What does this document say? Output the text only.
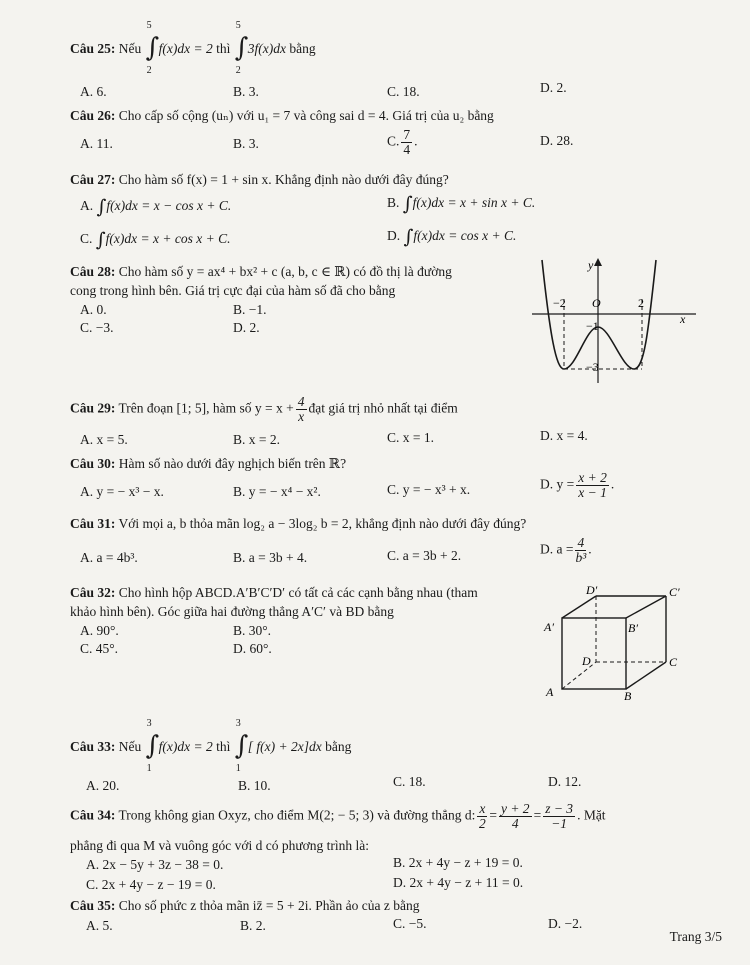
Câu 25: Nếu
5
∫
2
f(x)dx = 2 thì
5
∫
2
3f(x)dx bằng
A. 6.	B. 3.	C. 18.	D. 2.
Câu 26: Cho cấp số cộng (uₙ) với u₁ = 7 và công sai d = 4. Giá trị của u₂ bằng
A. 11.	B. 3.	C. $\frac{7}{4}$ .	D. 28.
Câu 27: Cho hàm số f(x) = 1 + sin x. Khẳng định nào dưới đây đúng?
A. ∫f(x)dx = x − cos x + C.	B. ∫f(x)dx = x + sin x + C.
C. ∫f(x)dx = x + cos x + C.	D. ∫f(x)dx = cos x + C.
Câu 28: Cho hàm số y = ax⁴ + bx² + c (a, b, c ∈ ℝ) có đồ thị là đường
cong trong hình bên. Giá trị cực đại của hàm số đã cho bằng
A. 0.	B. −1.
C. −3.	D. 2.
y
x
O
−2	2
−1
−3
Câu 29: Trên đoạn [1; 5], hàm số $y = x + \frac{4}{x}$ đạt giá trị nhỏ nhất tại điểm
A. x = 5.	B. x = 2.	C. x = 1.	D. x = 4.
Câu 30: Hàm số nào dưới đây nghịch biến trên ℝ?
A. y = − x³ − x.	B. y = − x⁴ − x².	C. y = − x³ + x.	D. $y = \frac{x + 2}{x - 1}$ .
Câu 31: Với mọi a, b thỏa mãn log₂ a − 3log₂ b = 2, khẳng định nào dưới đây đúng?
A. a = 4b³.	B. a = 3b + 4.	C. a = 3b + 2.	D. $a = \frac{4}{\text{b³}}$ .
Câu 32: Cho hình hộp ABCD.A′B′C′D′ có tất cả các cạnh bằng nhau (tham
khảo hình bên). Góc giữa hai đường thẳng A′C′ và BD bằng
A. 90°.	B. 30°.
C. 45°.	D. 60°.
D′	C′
A′	B′
D	C
A	B
Câu 33: Nếu
3
∫
1
f(x)dx = 2 thì
3
∫
1
[ f(x) + 2x]dx bằng
A. 20.	B. 10.	C. 18.	D. 12.
Câu 34: Trong không gian Oxyz, cho điểm M(2; − 5; 3) và đường thẳng d: $\frac{x}{2} = \frac{y + 2}{4} = \frac{z - 3}{-1}$ . Mặt
phẳng đi qua M và vuông góc với d có phương trình là:
A. 2x − 5y + 3z − 38 = 0.	B. 2x + 4y − z + 19 = 0.
C. 2x + 4y − z − 19 = 0.	D. 2x + 4y − z + 11 = 0.
Câu 35: Cho số phức z thỏa mãn iz̄ = 5 + 2i. Phần ảo của z bằng
A. 5.	B. 2.	C. −5.	D. −2.
Trang 3/5
